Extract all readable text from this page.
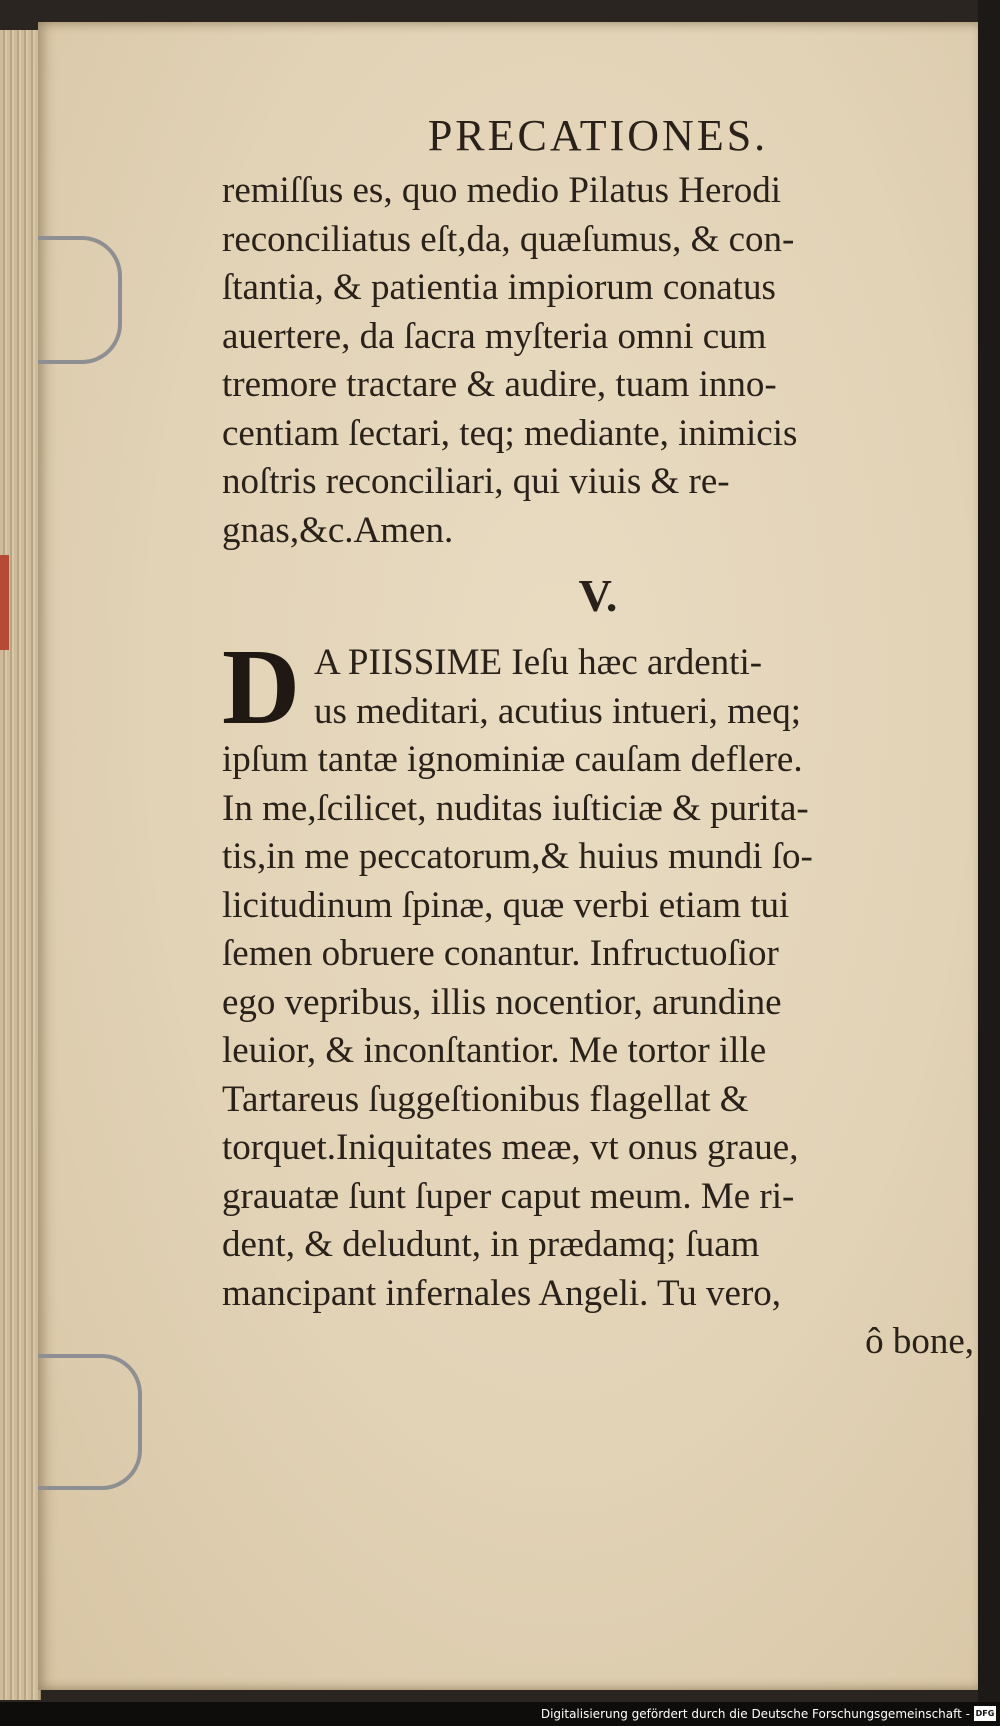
PRECATIONES.
remiſſus es, quo medio Pilatus Herodi
reconciliatus eſt,da, quæſumus, & con-
ſtantia, & patientia impiorum conatus
auertere, da ſacra myſteria omni cum
tremore tractare & audire, tuam inno-
centiam ſectari, teq; mediante, inimicis
noſtris reconciliari, qui viuis & re-
gnas,&c.Amen.
V.
D A PIISSIME Ieſu hæc ardenti-
us meditari, acutius intueri, meq;
ipſum tantæ ignominiæ cauſam deflere.
In me,ſcilicet, nuditas iuſticiæ & purita-
tis,in me peccatorum,& huius mundi ſo-
licitudinum ſpinæ, quæ verbi etiam tui
ſemen obruere conantur. Infructuoſior
ego vepribus, illis nocentior, arundine
leuior, & inconſtantior. Me tortor ille
Tartareus ſuggeſtionibus flagellat &
torquet.Iniquitates meæ, vt onus graue,
grauatæ ſunt ſuper caput meum. Me ri-
dent, & deludunt, in prædamq; ſuam
mancipant infernales Angeli. Tu vero,
ô bone,
Digitalisierung gefördert durch die Deutsche Forschungsgemeinschaft - DFG
